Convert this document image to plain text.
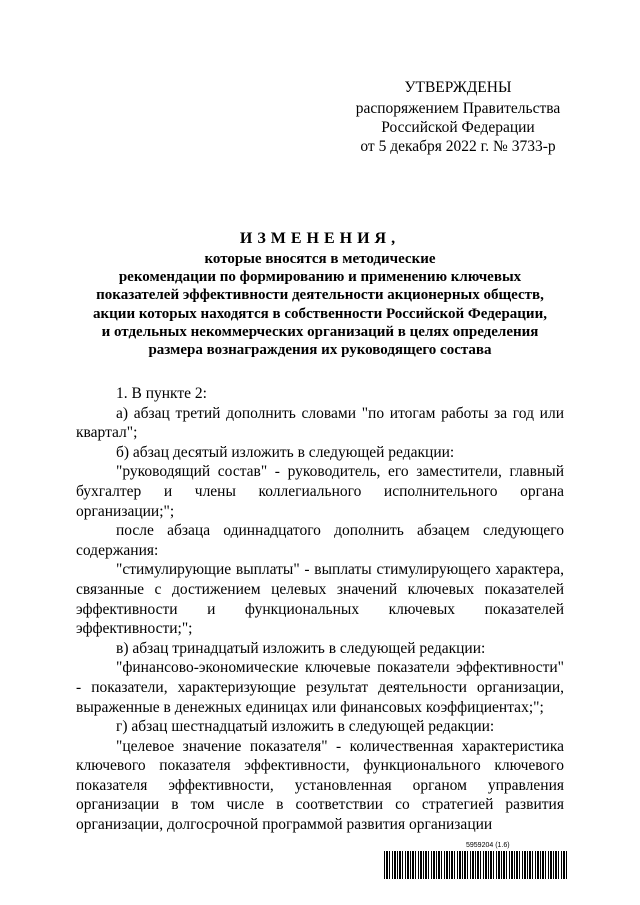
УТВЕРЖДЕНЫ
распоряжением Правительства
Российской Федерации
от 5 декабря 2022 г. № 3733-р
ИЗМЕНЕНИЯ,
которые вносятся в методические
рекомендации по формированию и применению ключевых
показателей эффективности деятельности акционерных обществ,
акции которых находятся в собственности Российской Федерации,
и отдельных некоммерческих организаций в целях определения
размера вознаграждения их руководящего состава

1. В пункте 2:

а) абзац третий дополнить словами "по итогам работы за год или квартал";

б) абзац десятый изложить в следующей редакции:

"руководящий состав" - руководитель, его заместители, главный бухгалтер и члены коллегиального исполнительного органа организации;";

после абзаца одиннадцатого дополнить абзацем следующего содержания:

"стимулирующие выплаты" - выплаты стимулирующего характера, связанные с достижением целевых значений ключевых показателей эффективности и функциональных ключевых показателей эффективности;";

в) абзац тринадцатый изложить в следующей редакции:

"финансово-экономические ключевые показатели эффективности" - показатели, характеризующие результат деятельности организации, выраженные в денежных единицах или финансовых коэффициентах;";

г) абзац шестнадцатый изложить в следующей редакции:

"целевое значение показателя" - количественная характеристика ключевого показателя эффективности, функционального ключевого показателя эффективности, установленная органом управления организации в том числе в соответствии со стратегией развития организации, долгосрочной программой развития организации

5959204 (1.6)
